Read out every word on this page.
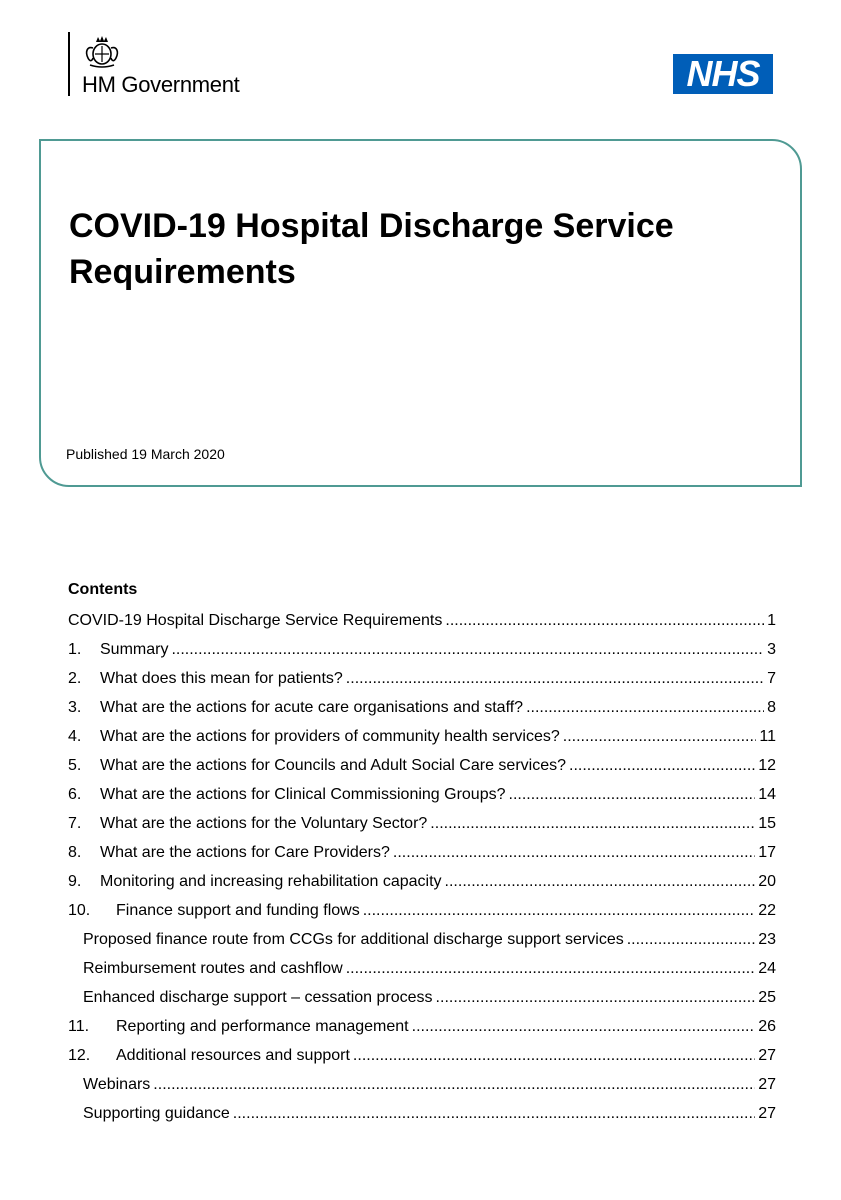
HM Government	NHS
COVID-19 Hospital Discharge Service Requirements
Published 19 March 2020
Contents
COVID-19 Hospital Discharge Service Requirements .....	1
1.	Summary .....	3
2.	What does this mean for patients? .....	7
3.	What are the actions for acute care organisations and staff? .....	8
4.	What are the actions for providers of community health services? .....	11
5.	What are the actions for Councils and Adult Social Care services? .....	12
6.	What are the actions for Clinical Commissioning Groups? .....	14
7.	What are the actions for the Voluntary Sector? .....	15
8.	What are the actions for Care Providers? .....	17
9.	Monitoring and increasing rehabilitation capacity .....	20
10.	Finance support and funding flows .....	22
Proposed finance route from CCGs for additional discharge support services .....	23
Reimbursement routes and cashflow .....	24
Enhanced discharge support – cessation process .....	25
11.	Reporting and performance management .....	26
12.	Additional resources and support .....	27
Webinars .....	27
Supporting guidance .....	27
